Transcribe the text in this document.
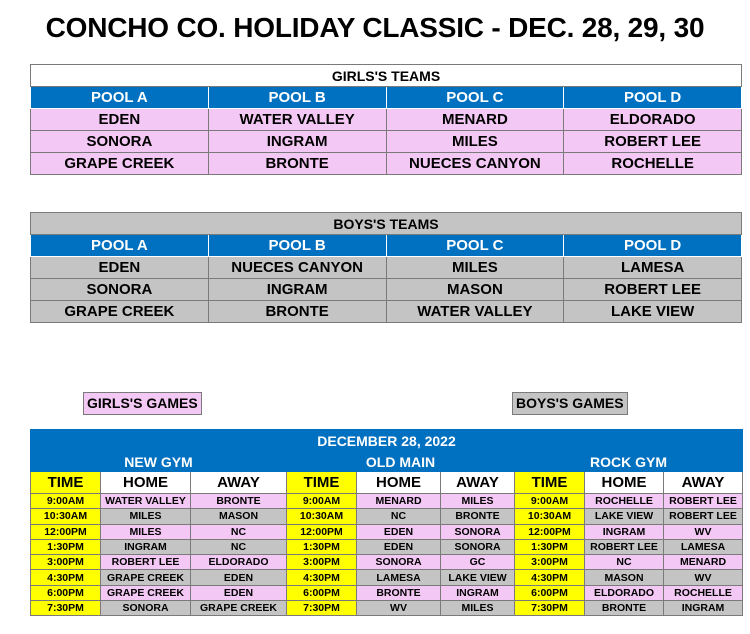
CONCHO CO. HOLIDAY CLASSIC - DEC. 28, 29, 30
GIRLS'S TEAMS			
POOL A	POOL B	POOL C	POOL D
EDEN	WATER VALLEY	MENARD	ELDORADO
SONORA	INGRAM	MILES	ROBERT LEE
GRAPE CREEK	BRONTE	NUECES CANYON	ROCHELLE
BOYS'S TEAMS			
POOL A	POOL B	POOL C	POOL D
EDEN	NUECES CANYON	MILES	LAMESA
SONORA	INGRAM	MASON	ROBERT LEE
GRAPE CREEK	BRONTE	WATER VALLEY	LAKE VIEW
GIRLS'S GAMES	BOYS'S GAMES
DECEMBER 28, 2022								
NEW GYM			OLD MAIN			ROCK GYM		
TIME	HOME	AWAY	TIME	HOME	AWAY	TIME	HOME	AWAY
9:00AM	WATER VALLEY	BRONTE	9:00AM	MENARD	MILES	9:00AM	ROCHELLE	ROBERT LEE
10:30AM	MILES	MASON	10:30AM	NC	BRONTE	10:30AM	LAKE VIEW	ROBERT LEE
12:00PM	MILES	NC	12:00PM	EDEN	SONORA	12:00PM	INGRAM	WV
1:30PM	INGRAM	NC	1:30PM	EDEN	SONORA	1:30PM	ROBERT LEE	LAMESA
3:00PM	ROBERT LEE	ELDORADO	3:00PM	SONORA	GC	3:00PM	NC	MENARD
4:30PM	GRAPE CREEK	EDEN	4:30PM	LAMESA	LAKE VIEW	4:30PM	MASON	WV
6:00PM	GRAPE CREEK	EDEN	6:00PM	BRONTE	INGRAM	6:00PM	ELDORADO	ROCHELLE
7:30PM	SONORA	GRAPE CREEK	7:30PM	WV	MILES	7:30PM	BRONTE	INGRAM
